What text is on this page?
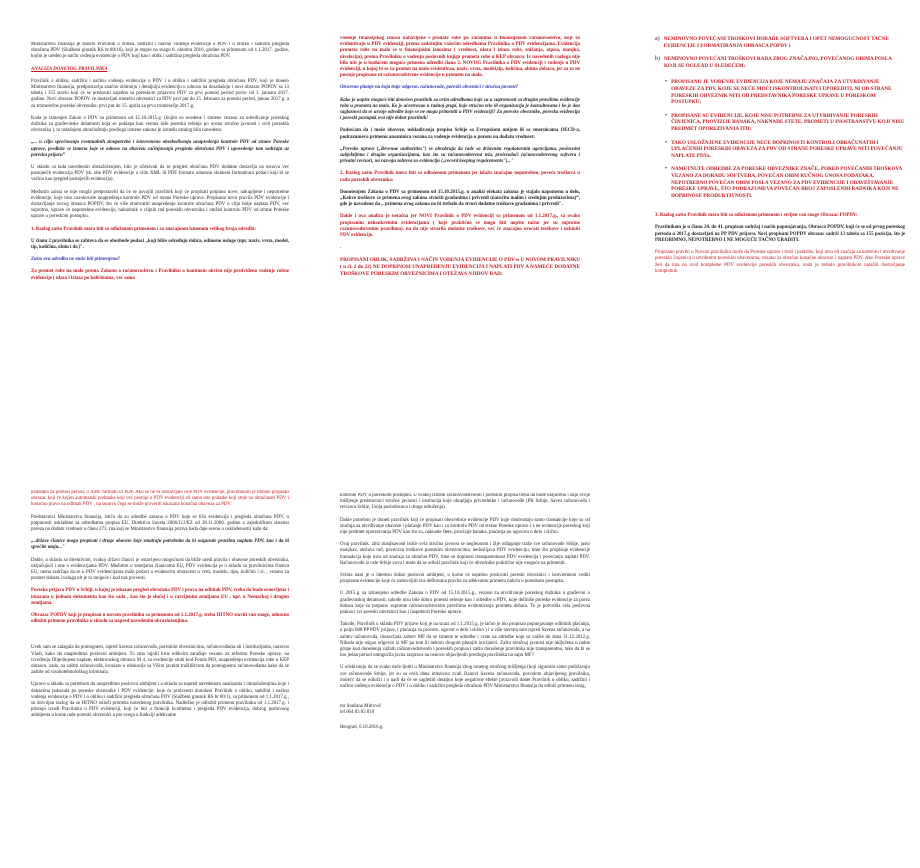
Ministarstvo finansija je donelo Pravilnik o obliku, sadržini i načinu vođenja evidencije o PDV i o obliku i sadržini pregleda obračuna PDV (Službeni glasnik RS br.80/16), koji je stupio na snagu 8. oktobra 2016. godine sa primenom od 1.1.2017. godine, kojim je uređen je način vođenja evidencije o PDV koji kao i oblik i sadržina pregleda obračuna PDV.

ANALIZA DONETOG PRAVILNIKA

Pravilnik o obliku, sadržini i načinu vođenja evidencije o PDV i o obliku i sadržini pregleda obračuna PDV, koji je donelo Ministarstvo finansija, predpostavlja značno obimniju i detaljniju evidenciju u odnosu na dosadašnju i novi obrazac POPDV sa 13 tabela i 155 stavki koji će se predavati zajedno sa poreskom prijavom PDV za prvi poreski period počev od 1. januara 2017. godine. Novi obrazac POPDV će dostavljati mesečni obveznici za PDV prvi put do 15. februara za poreski period, januar 2017.g. a za tromesečne poreske obveznike, prvi put do 15. aprila za prvo tromesečje 2017.g.

Kada je izmenjen Zakon o PDV sa primenom od 15.10.2015.g. (kojim su uvedene i izmene vezano za određivanje poreskog dužnika za građevinske delatnosti koja se poklapa kao veoma loše poreska rešenje po ocenu stručne javnosti i svih poreskih obveznika ), to tadašnjem obrazloženju predloga izmene zakona je između ostalog bilo navedeno:

„... u cilju sprečavanja eventualnih zloupotreba i istovremeno obezbeđivanja unapređenja kontrole PDV od strane Poreske uprave, predlaže se izmena koje se odnose na obavezu sačinjavanja pregleda obračuna PDV i upoređenje tom sadržaju uz poresku prijavu”

U skladu sa tada navedenim obrazloženjem, bilo je očekivati da se pregled obračuna PDV dodatne dostavlja na osnovu već postojećih evidencija PDV (tk. obe PDV evidencije u vidu XML ili PDF formatu odnosno skinkeni formatirani podaci koji bi se većinu kao pregled postojećih evidencija).

Međutim zaista se nije mogla pretpostaviti da će se usvojiti pravilnik koji će propisati potpuno nove, nakupljene i nepotrebne evidencije, koje nisu uzrokovale unapređenja kontrole PDV od strane Poreske uprave. Propisana nova pravila PDV evidencije i dostavljanje novog obrasca POPDV, što će više obuhvatiti unapređenje kontrole obračuna PDV u cilju bolje naplata PDV, već suprotno, uprave će nepotrebne evidencije, nalozitnik u ciljnih rad poreskih obveznika i otežati kontrolu PDV od strane Poreske uprave u poreskom postupku.

1. Razlog zašto Pravilnik mora biti sa odloženom primenom i sa značajnom izmenom velikog broja odredbi:

U članu 2 pravilnika se zahteva da se obezbede podaci „koji bliže određuju dobra, odnosno usluge (npr. naziv, vrsta, model, tip, količina, obim i dr.)".

Zašto ova odredba ne može biti primenjena?

Za promet robe na malo prema Zakonu o računovodstvu i Pravilniku o kontinom okviru nije predviđeno vođenje robne evidencije ( ulaza i izlaza po količinama, već samo

vođenje finansijskog iznosa nabavljene i prodate robe po računima u finansijskom računovodstvu, kojt su evidentiraju u PDV evidenciji, prema sadašnjim važećim odredbama Pravilnika o PDV evidencijama. Evidencija prometa robe na malo se u finansijskim iznosima ( vrednost, ulaza i izlaza robe, snižanja, otpisa, manjka, nivelacija), prema Pravilniku o vođenju poslovnih knjiga prometa robe u KEP obrazcu. Iz navedenih razloga nije bilo niti je u budućem moguće primena odredbi člana 2. NOVOG Pravilnika o PDV evidenciji i vođenje u PDV evidenciji, u kojoj bi se za promet na malo evidentirao, naziv, vrsta, model,tip, količina, obima dobara, jer za to ne postoje propisane ni računovodstvene evidencije u prometu na malo.

Otvoreno pitanje na koja traje odgovor, računovođe, poreski obveznici i stručna javnost?

Kako je uopšte moguće biti donošen pravilnik sa ovim odredbama koje su u suprotnosti sa drugim pravilima evidencije robe u prometu na malo. Ko je učestvovao u radnoj grupi, koje stručno telo ili organizacija je konsultovana i ko je dao saglasnost da se usvoje odredbe koje se ne mogu primeniti u PDV evidenciji? Za poreske obveznike, poreska evidencija i poreski postupak ova nije dobar pravilnik!

Podsećam da i može obaveze, uskladivanja propisa Srbije sa Evropskom unijom ili sa smernicama OECD-a, podrazumeva primenu ansamnica vezano za vođenje evidencija o porezu na dodatu vrednost:

„Poreske uprave („Revenue authorities") se ohrabruju da rade sa državnim regulatornim agencijama, poslovnim subjektijima i drugim organizacijama, kao što su računovodstvena tela, proizvođači računovodstvenog softvera i privatni revizori, na razvoju zahteva za evidenciju („record keeping requirements")..."

2. Razlog zašto Pravilnik mora biti sa odloženom primenom jer izlažu značajno nepotrebno, poveće troškova u radu poreskih obveznika:

Donošenjem Zakona o PDV sa primenom od 15.10.2015.g. u analizi efekata zakona je stajalo napomenu u delu, „Kakve troškove će primena ovog zakona stvoriti građanima i privredi (naročito malim i srednjim preduzećima)“, gde je navođeno da „ primena ovog zakona ne bi trebalo da stvori dodatne troškove građanima i privredi".

Dakle i ova analiza je netačna jer NOVI Pravilnik o PDV evidenciji sa primenom od 1.1.2017.g., sa ovako propisanim nekonkretnim evidencijama ( koje praktično se mogu biti uopšte tačno jer su suprotne računovodstvenim pravilima), na da nije stvarila dodatne troškove, već će značajno uvećati troškove i uzkiniti PDV evidencije.

.

PROPISANI OBLIK, SADRŽINA I NAČIN VOĐENJA EVIDENCIJE O PDV-u U NOVOM PRAVILNIKU ( u čl. 2 do 22) NE DOPRINOSI UNAPREĐENJU EVIDENCIJA I NAPLATI PDV A NAMEĆE DODATNE TROŠKOVE PORESKIM OBVEZNICIMA I OTEŽAVA NJIHOV RAD:

a) NEMINOVNO POVEĆANI TROŠKOVI DORADE SOFTVERA I OPET NEMOGUĆNOST TAČNE EVIDENCIJE I FORMATIRANJA OBRASCA POPDV i
b) NEMINOVNO POVEĆANI TROŠKOVI RADA ZBOG ZNAČAJNO, POVEĆANOG OBIMA POSLA KOJI SE OGLEAD U SLEDEĆEM:
• PROPISANO JE VOĐENJE EVIDENCIJA KOJE NEMAJU ZNAČAJA ZA UTVRĐIVANJE OBAVEZE ZA PDV, KOJE SE NEĆE MOĆI ISKONTROLISATI I UPOREDITI, NI OD STRANE PORESKIH OBVEZNIK NITI OD PREDSTAVNIKA PORESKE UPRAVE U PORESKOM POSTUPKU;
• PROPISANE SU EVIDENCIJE, KOJE NISU POTREBNE ZA UTVRĐIVANJE PORESKIH ČINJENICA, PROVIZIJE BANAKA, NAKNADE STETE, PROMETI U INOSTRANSTVU KOJI NISU PREDMET OPOREZIVANJA ITD;
• TAKO USLOŽNJENE EVIDENCIJE NEĆE DOPRINOSTI KONTROLI OBRAČUNATIH I UPLAĆENIH PORESKIH OBAVEZA ZA PDV OD STRANE PORESKE UPRAVE NITI POVEĆANJU NAPLATE PDVa.
• NAMETNUTE ODREDBE ZA PORESKE OBVEZNIKE ZNAČE, PORED POVEĆANIH TROŠKOVA VEZANO ZA DORADU SOFTVERA, POVEĆAN OBIM RUČNOG UNOSA PODATAKA, NEPOTREBNO POVEĆAN OBIM POSLA VEZANO ZA PDV EVIDENCIJE I OBAVEŠTAVANJE PORESKE UPRAVE, ŠTO PODRAZUMEVA POVEĆAN BROJ ZAPOSLENIH RADNIKA KOJI NE DOPRINOSE PRODUKTIVNOSTI.

3. Razlog zašto Pravilnik mora biti sa odloženom primenom i stvljen van snage Obrazac POPDV:

Pravilnikom je u članu 24. do 41. propisan sadržaj i način popunjavanja, Obrasca POPDV, koji će se od prvog poreskog perioda u 2017.g dostavljati uz PP PDV prijavu. Novi propisani POPDV obrazac sadrži 13 tabela sa 155 pozicija, što je PREOBIMNO, NEPOTREBNO I NE MOGUĆE TAČNO URADITI.

Propisano pravilo u Novom pravilniku može da Poreske uprave i troši i praktike, koji nisu od značaja za kontrolu i utvrđivanje poreskih činjenica o utvrđenim poreskim obavezama, vezano za obračun konačne obaveze i naplatu PDV. Ako Poreske uprave želi da ima na uvid kompletne PDV evidencije poreskih obveznika, onda je trebalo pravilnikom nalažiti dostavljanje kompletnih

podataka za poreski period, u XML formatu ili PDF. Ako se ne bi dostavljale cele PDV evidencije, pravilnikom je trebalo propisati obrazac koji će kojim automatski podataka koji već postoje u PDV evidenciji ali samo one podatke koji stoje na obračunati PDV i konačno pravo na odbitak PDV , na osnovu čega se može proveriti iskazana konačna obaveza za PDV.

Predstavnici Ministarstva finansija, ističu da su odredbe zakona o PDV koje se tiču evidencija i pregleda obračuna PDV, u potpunosti usklađene sa odredbama propisa EU. Direktiva Saveta 2006/112/EZ od 28.11.2006. godine o zajedničkom sistemu poreza na dodatu vrednost u članu 273. (na koji se Ministarstvo finansija poziva kada daje ocenu o usklađenosti) kaže da:

„..države članice mogu propisati i druge obaveze koje smatraju potrebnim da bi osigurale pravilnu naplatu PDV, kao i da bi sprečile utaju..."

Dakle, u skladu sa direktivom, svakoj državi članici je ostavljeno mogućnost da bliže uredi pravila i obaveze poreskih obveznika, uključujući i one o evidencijama PDV. Međutim u zemljama članicama EU, PDV evidencija je u skladu sa pravilnicima članica EU, nema sadržaja da se u PDV evidencijama traže podaci u evidencim obrazcem u vrsti, modelu, tipu, količini i sl. , vezano za promet dobara i usluga nit je to moguće i kod nas provesti.

Poreska prijava PDV u Srbiji, u kojoj je iskazan pregled obračuna PDV i prava na odbitak PDV, treba da bude osnovljena i iskazana u jednom dokumentu kao što sada , kao što je slučaj i u razvijenim zemljama EU , npr. u Nemačkoj i drugim zemljama.

Obrazac POPDV koji je propisan u novom pravilniku sa primenom od 1.1.2017.g. treba HITNO staviti van snage, odnosno odložiti primenu pravilnika u skladu sa napred navedenim obrazloženjima.

Uvek sam se zalagala da pomognem, ispred Saveza računovođa, poreskim obveznicima, računovođama ali i institucijama, naravno Vladi, kako da unapredimo poslovni ambijent. To smo tajnili kroz edikcim sarađuje vezano za reformu Poreske uprave, na izvođenju Objedinjene naplate, elektronskog obrasca M 4, za evidencije stuhi kod Fonda PIO, unapređenju evidencija robe u KEP obrascu, zada, na zaštiti računovođa, kroziaru u edukacije sa Višim javnim tražilištvom da pomognemo računovođama kako da se zaštite od visokotehnološkog kriminala.

Upravo u skladu sa potrebom da unapređimo poslovni ambijent i u skladu sa napred navedenom analizama i obrazloženjima koje i dokazima pokazala po poreske obveznike i PDV evidencije, koje će proizvesti donošeni Pravilnik o obliku, sadržini i načinu vođenja evidencije o PDV i o obliku i sadržini pregleda obračuna PDV (Službeni glasnik RS br 80/1), sa primenom od 1.1.2017.g., su dovoljan razlog da se HITNO odloži primena navedenog pravilnika. Nadležno je odložiti primenu pravilnika od 1.1.2017.g. i pristupi izradi Pravilnika o PDV evidenciji, koji će biti u funkciji kvalitetnu i pregleda PDV evidencija, dobrog poslovnog ambijenta u kome rade poreski obveznici a pre svega u funkciji adekvatne

kontrole PDV u poreskom postupku. U svakoj izmeni računovodstvenih i poreskih propisa treba da bude uključena i daju svoje mišljenje predstavnici stručne javnosti i institucija koje okupljaju privrednike i računovođe (PK Srbije, Savez računovođa i revizora Srbije, Unija poslodavaca i druga udruženja).

Dakle potrebno je doneti pravilnik koji će propisati obezvebice evidencije PDV koje obuhvataju samo transakcije koje su od značaja za utvrđivanje obaveze i plaćanje PDV kao i za kontrolu PDV od strane Poreske uprave i a ne evidencije poreskog koji nije predmet oporezivanja PDV kao što su, naknade štete, provizije banaka, plaćanja po ugovoru o delu i slično.

Ovaj pravilnik, zbiz manjkavosti ističe ovla stručna javnost se negleonom i žije odlaganje traže sve računovođe Srbije, jasto manjkav, otežava rad, povećava troškove poreskim obveznicima, nedoslijava PDV evidenciju, time što propisuje evidencije transakcija koje nisu od značaja za obračun PDV, time se dopinosi transparentnost PDV evidencija i povećanju naplati PDV. Računovođe iz cele Srbije zovu i mole da se odloži pravilnik koji će obveznike praktično nije moguće na primeniti.

Svima nam je u interesu dobar poslovni ambijent, u kome će uspešno poslovati poreski obveznici i istovremeno voditi propisane evidencije koje će zadovoljiti sva definisana pravila za adekvatnu primenu naloča u poreskom postupku.

U 2015.g. sa izmenjeno odredbe Zakona o PDV od 15.10.2015.g., vezano za utvrđivanje poreskog dužnika u građevini u građevinskoj delatnosti, takođe nisu bile dobro poreski rešenje kao i odredbe u PDV, koje definiše poreske evidencije za porez dobara koje su potpuno suprotne računovodstvenim pravilima evidentiranja prometa dobara. To je potvrdila cela poslovna praksa i svi poreski obveznici kao i inspektori Poreske uprave.

Takođe, Pravilnik u skladu PDV prijave koji je na snazi od 1.1.2015.g. je tačno je bio propisao popunjavanje odbitnih plaćanja, u polju 008 PP PDV prijave, ( plaćanja za proveru, ugovor o delu i slično ) i u više navrata sam ispred Saveza računovođa, a na zahtev računovođa, dostavljala zahtev MF da se izmene te odredbe i vrate na odredbe koje su važile do dana 31.12.2012.g. Nikada nije stigao odgovor iz MF pa tom ili nekom drugom pitanjih inicijativi. Zašto stručnoj javnost nije uključena u radne grupe kod donošenja važnih računovodstvenih i poreskih propisa i zašto donošenje pravilnika nije transparentno, tako da bi se bar jedan period omogućila javna rasprava na osnovu objavljenih predloga pravilnika na sajtu MF?

U očekivanju da se svako neće ljutiti u Ministarstvo finansija zbog ometog stručnog mišljenja (koji sigurnim samo podržavaju sve računovođe Srbije, jer su sa ovih dana intezivno zvali članovi Saveza računovođa, povodom objavljenog pravilnika, molećć da se odloži) i u nadi da će se saglediti detaljno koje negativne efekte proizvodi donet Pravilnik o obliku, sadržini i načinu vođenja evidencije o PDV i o obliku i sadržini pregleda obračuna PDV Ministarstvo finansija da odloži primenu istog,

mr Snežana Mitrović

tel 064 83 83 810

Beograd, 6.10.2016.g.
